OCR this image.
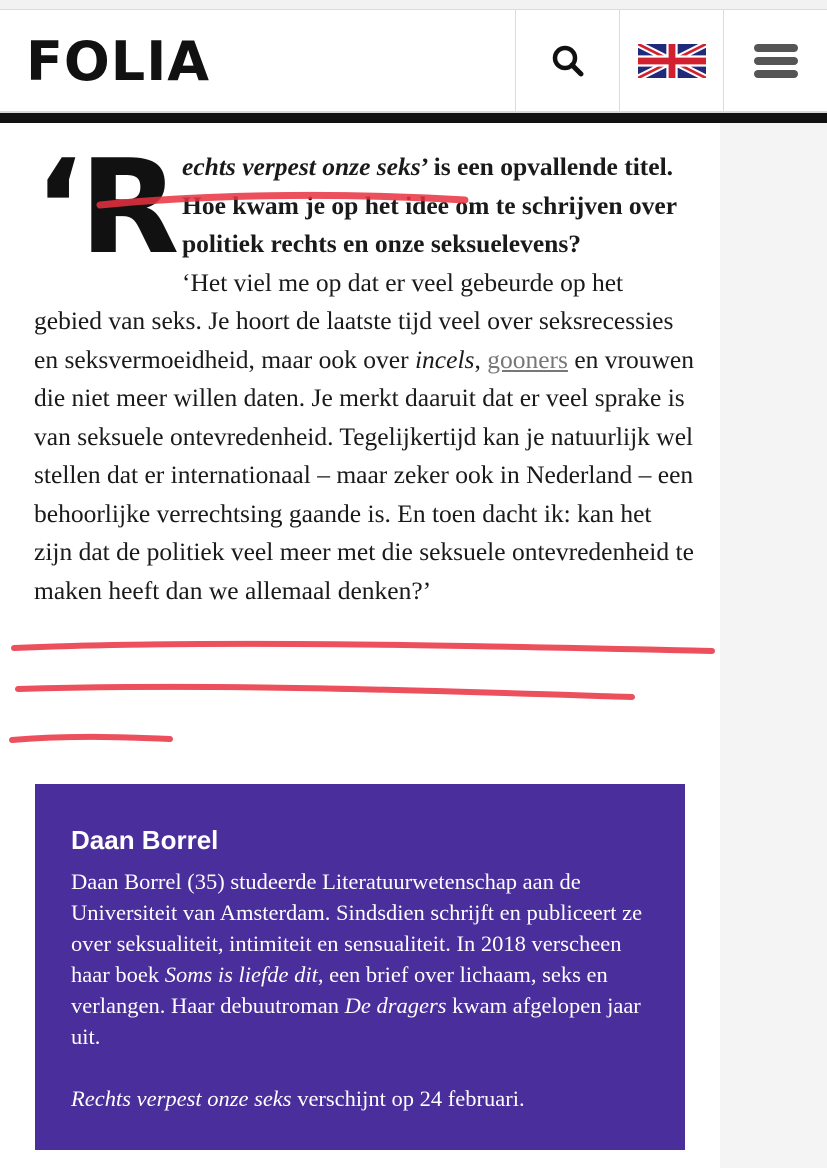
FOLIA

‘R echts verpest onze seks’ is een opvallende titel. Hoe kwam je op het idee om te schrijven over politiek rechts en onze seksuelevens?

‘Het viel me op dat er veel gebeurde op het gebied van seks. Je hoort de laatste tijd veel over seksrecessies en seksvermoeidheid, maar ook over incels, gooners en vrouwen die niet meer willen daten. Je merkt daaruit dat er veel sprake is van seksuele ontevredenheid. Tegelijkertijd kan je natuurlijk wel stellen dat er internationaal – maar zeker ook in Nederland – een behoorlijke verrechtsing gaande is. En toen dacht ik: kan het zijn dat de politiek veel meer met die seksuele ontevredenheid te maken heeft dan we allemaal denken?’

Daan Borrel

Daan Borrel (35) studeerde Literatuurwetenschap aan de Universiteit van Amsterdam. Sindsdien schrijft en publiceert ze over seksualiteit, intimiteit en sensualiteit. In 2018 verscheen haar boek Soms is liefde dit, een brief over lichaam, seks en verlangen. Haar debuutroman De dragers kwam afgelopen jaar uit.

Rechts verpest onze seks verschijnt op 24 februari.
